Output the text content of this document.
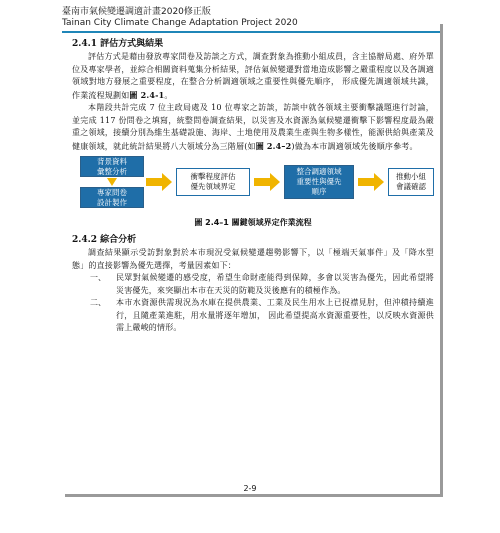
臺南市氣候變遷調適計畫2020修正版
Tainan City Climate Change Adaptation Project 2020
2.4.1 評估方式與結果

評估方式是藉由發放專家問卷及訪談之方式，調查對象為推動小組成員，含主協辦局處、府外單位及專家學者，並綜合相關資料蒐集分析結果，評估氣候變遷對當地造成影響之嚴重程度以及各調適領域對地方發展之重要程度，在整合分析調適領域之重要性與優先順序， 形成優先調適領域共識，作業流程規劃如圖 2.4-1。

本階段共計完成 7 位主政局處及 10 位專家之訪談，訪談中就各領域主要衝擊議題進行討論，並完成 117 份問卷之填寫，統整問卷調查結果，以災害及水資源為氣候變遷衝擊下影響程度最為嚴重之領域，接續分別為維生基礎設施、海岸、土地使用及農業生產與生物多樣性，能源供給與產業及健康領域，就此統計結果將八大領域分為三階層(如圖 2.4–2)做為本市調適領域先後順序參考。

背景資料
彙整分析
專家問卷
設計製作
衝擊程度評估
優先領域界定
整合調適領域
重要性與優先
順序
推動小組
會議確認
圖 2.4–1 關鍵領域界定作業流程
2.4.2 綜合分析

調查結果顯示受訪對象對於本市現況受氣候變遷趨勢影響下，以「極端天氣事件」及「降水型態」的直接影響為優先選擇，考量因素如下：

一、	民眾對氣候變遷的感受度，希望生命財產能得到保障，多會以災害為優先，因此希望將災害優先，來突顯出本市在天災的防範及災後應有的積極作為。
二、	本市水資源供需現況為水庫在提供農業、工業及民生用水上已捉襟見肘，但沖積持續進行，且隨產業進駐，用水量將逐年增加， 因此希望提高水資源重要性，以反映水資源供需上嚴峻的情形。
2-9
